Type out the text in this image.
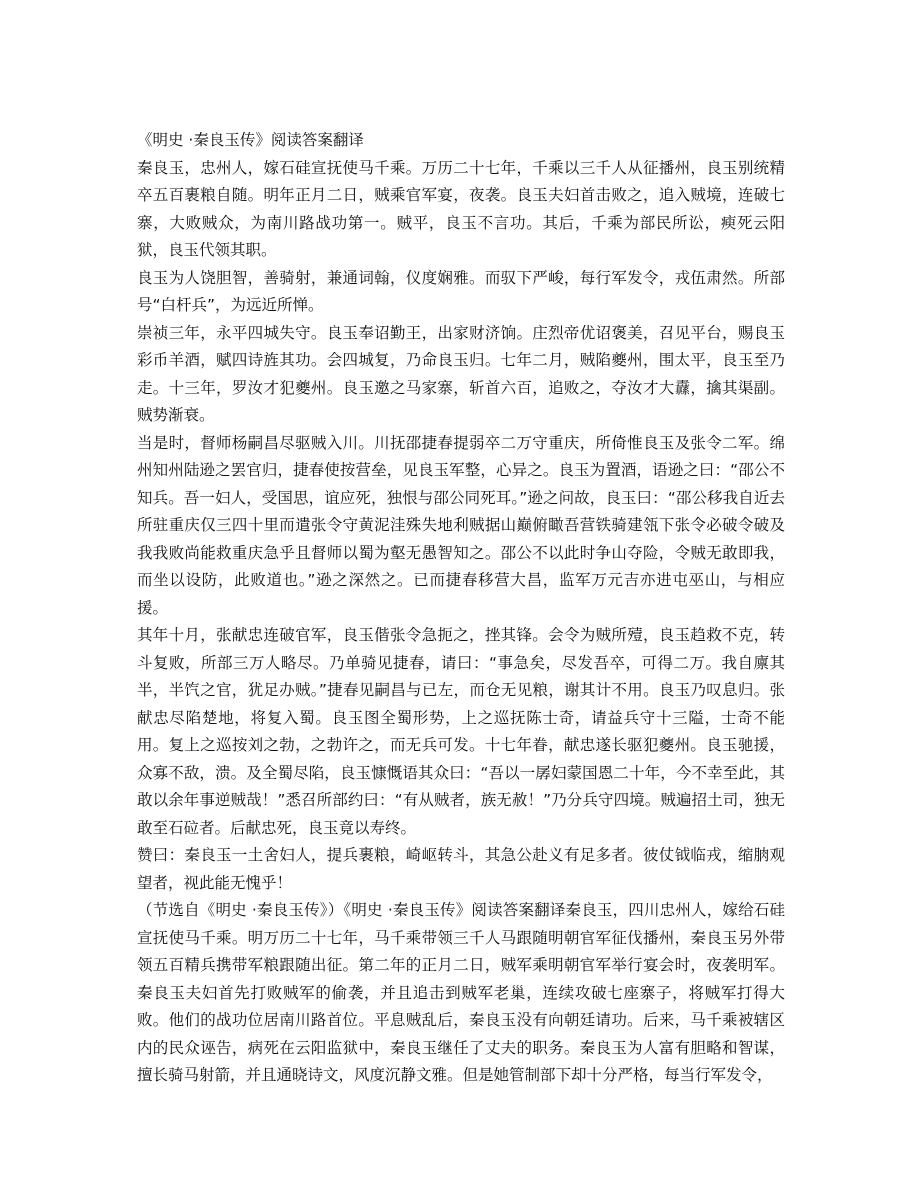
《明史 ·秦良玉传》阅读答案翻译

秦良玉，忠州人，嫁石硅宣抚使马千乘。万历二十七年，千乘以三千人从征播州，良玉别统精卒五百裹粮自随。明年正月二日，贼乘官军宴，夜袭。良玉夫妇首击败之，追入贼境，连破七寨，大败贼众，为南川路战功第一。贼平，良玉不言功。其后，千乘为部民所讼，瘐死云阳狱，良玉代领其职。

良玉为人饶胆智，善骑射，兼通词翰，仪度娴雅。而驭下严峻，每行军发令，戎伍肃然。所部号“白杆兵”，为远近所惮。

崇祯三年，永平四城失守。良玉奉诏勤王，出家财济饷。庄烈帝优诏褒美，召见平台，赐良玉彩币羊酒，赋四诗旌其功。会四城复，乃命良玉归。七年二月，贼陷夔州，围太平，良玉至乃走。十三年，罗汝才犯夔州。良玉邀之马家寨，斩首六百，追败之，夺汝才大纛，擒其渠副。贼势渐衰。

当是时，督师杨嗣昌尽驱贼入川。川抚邵捷春提弱卒二万守重庆，所倚惟良玉及张令二军。绵州知州陆逊之罢官归，捷春使按营垒，见良玉军整，心异之。良玉为置酒，语逊之曰：“邵公不知兵。吾一妇人，受国思，谊应死，独恨与邵公同死耳。”逊之问故，良玉曰：“邵公移我自近去所驻重庆仅三四十里而遣张令守黄泥洼殊失地利贼据山巅俯瞰吾营铁骑建瓴下张令必破令破及我我败尚能救重庆急乎且督师以蜀为壑无愚智知之。邵公不以此时争山夺险，令贼无敢即我，而坐以设防，此败道也。”逊之深然之。已而捷春移营大昌，监军万元吉亦进屯巫山，与相应援。

其年十月，张献忠连破官军，良玉偕张令急扼之，挫其锋。会令为贼所殪，良玉趋救不克，转斗复败，所部三万人略尽。乃单骑见捷春，请曰：“事急矣，尽发吾卒，可得二万。我自廪其半，半饩之官，犹足办贼。”捷春见嗣昌与已左，而仓无见粮，谢其计不用。良玉乃叹息归。张献忠尽陷楚地，将复入蜀。良玉图全蜀形势，上之巡抚陈士奇，请益兵守十三隘，士奇不能用。复上之巡按刘之勃，之勃许之，而无兵可发。十七年眷，献忠遂长驱犯夔州。良玉驰援，众寡不敌，溃。及全蜀尽陷，良玉慷慨语其众曰：“吾以一孱妇蒙国恩二十年，今不幸至此，其敢以余年事逆贼哉！”悉召所部约曰：“有从贼者，族无赦！”乃分兵守四境。贼遍招土司，独无敢至石砬者。后献忠死，良玉竟以寿终。

赞曰：秦良玉一土舍妇人，提兵裹粮，崎岖转斗，其急公赴义有足多者。彼仗钺临戎，缩朒观望者，视此能无愧乎！

（节选自《明史 ·秦良玉传》）《明史 ·秦良玉传》阅读答案翻译秦良玉，四川忠州人，嫁给石硅宣抚使马千乘。明万历二十七年，马千乘带领三千人马跟随明朝官军征伐播州，秦良玉另外带领五百精兵携带军粮跟随出征。第二年的正月二日，贼军乘明朝官军举行宴会时，夜袭明军。秦良玉夫妇首先打败贼军的偷袭，并且追击到贼军老巢，连续攻破七座寨子，将贼军打得大败。他们的战功位居南川路首位。平息贼乱后，秦良玉没有向朝廷请功。后来，马千乘被辖区内的民众诬告，病死在云阳监狱中，秦良玉继任了丈夫的职务。秦良玉为人富有胆略和智谋，擅长骑马射箭，并且通晓诗文，风度沉静文雅。但是她管制部下却十分严格，每当行军发令，
